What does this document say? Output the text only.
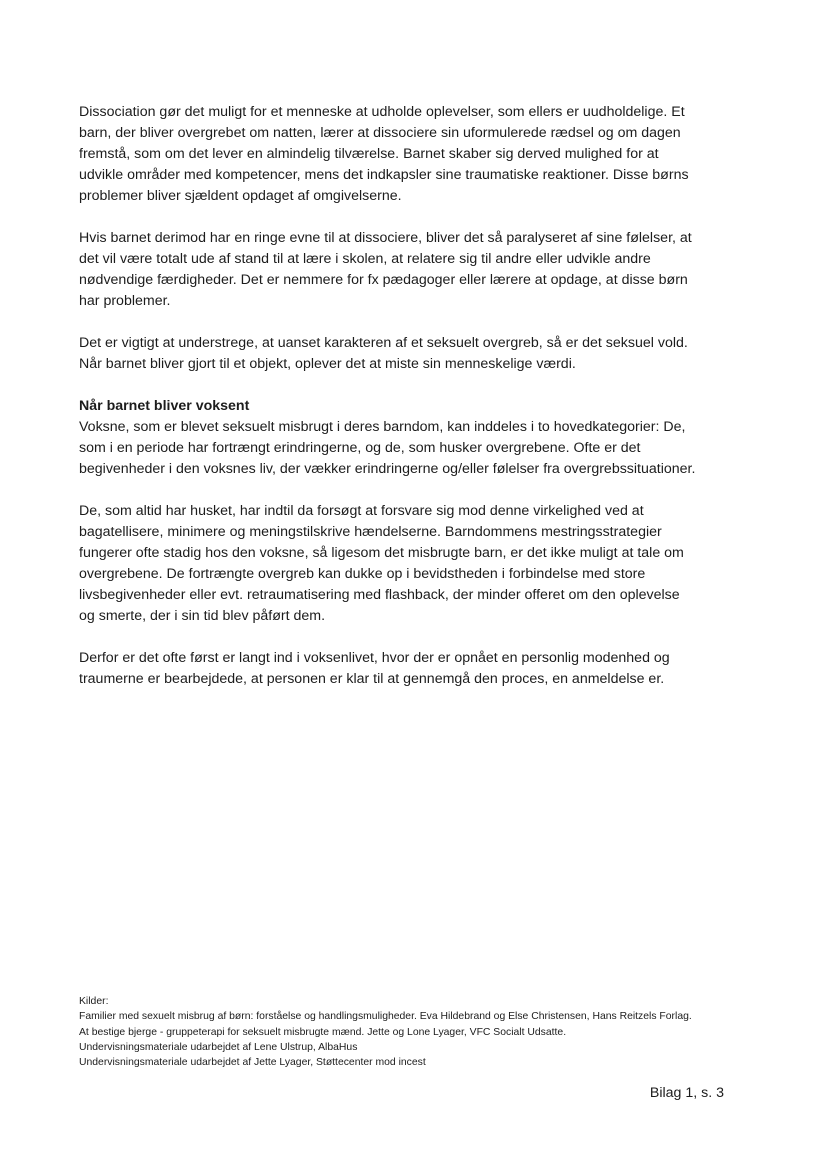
Dissociation gør det muligt for et menneske at udholde oplevelser, som ellers er uudholdelige. Et
barn, der bliver overgrebet om natten, lærer at dissociere sin uformulerede rædsel og om dagen
fremstå, som om det lever en almindelig tilværelse. Barnet skaber sig derved mulighed for at
udvikle områder med kompetencer, mens det indkapsler sine traumatiske reaktioner. Disse børns
problemer bliver sjældent opdaget af omgivelserne.

Hvis barnet derimod har en ringe evne til at dissociere, bliver det så paralyseret af sine følelser, at
det vil være totalt ude af stand til at lære i skolen, at relatere sig til andre eller udvikle andre
nødvendige færdigheder. Det er nemmere for fx pædagoger eller lærere at opdage, at disse børn
har problemer.

Det er vigtigt at understrege, at uanset karakteren af et seksuelt overgreb, så er det seksuel vold.
Når barnet bliver gjort til et objekt, oplever det at miste sin menneskelige værdi.

Når barnet bliver voksent
Voksne, som er blevet seksuelt misbrugt i deres barndom, kan inddeles i to hovedkategorier: De,
som i en periode har fortrængt erindringerne, og de, som husker overgrebene. Ofte er det
begivenheder i den voksnes liv, der vækker erindringerne og/eller følelser fra overgrebssituationer.

De, som altid har husket, har indtil da forsøgt at forsvare sig mod denne virkelighed ved at
bagatellisere, minimere og meningstilskrive hændelserne. Barndommens mestringsstrategier
fungerer ofte stadig hos den voksne, så ligesom det misbrugte barn, er det ikke muligt at tale om
overgrebene. De fortrængte overgreb kan dukke op i bevidstheden i forbindelse med store
livsbegivenheder eller evt. retraumatisering med flashback, der minder offeret om den oplevelse
og smerte, der i sin tid blev påført dem.

Derfor er det ofte først er langt ind i voksenlivet, hvor der er opnået en personlig modenhed og
traumerne er bearbejdede, at personen er klar til at gennemgå den proces, en anmeldelse er.

Kilder:
Familier med sexuelt misbrug af børn: forståelse og handlingsmuligheder. Eva Hildebrand og Else Christensen, Hans Reitzels Forlag.
At bestige bjerge - gruppeterapi for seksuelt misbrugte mænd. Jette og Lone Lyager, VFC Socialt Udsatte.
Undervisningsmateriale udarbejdet af Lene Ulstrup, AlbaHus
Undervisningsmateriale udarbejdet af Jette Lyager, Støttecenter mod incest
Bilag 1, s. 3
